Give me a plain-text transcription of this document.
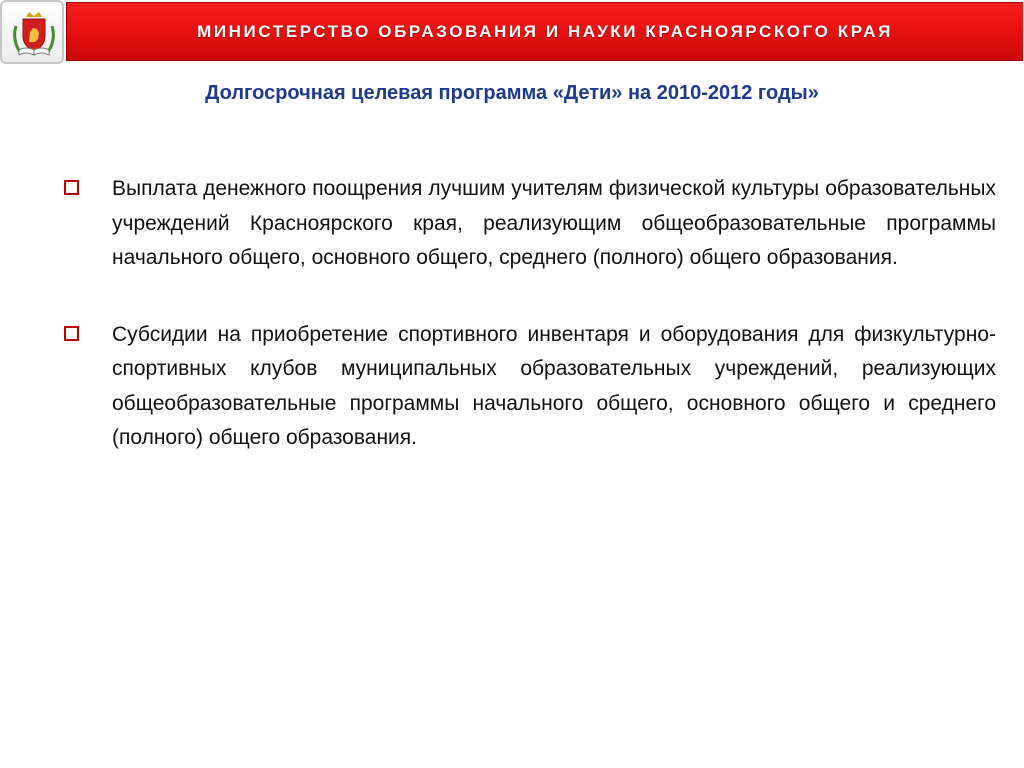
МИНИСТЕРСТВО ОБРАЗОВАНИЯ И НАУКИ КРАСНОЯРСКОГО КРАЯ
Долгосрочная целевая программа «Дети» на 2010-2012 годы»
Выплата денежного поощрения лучшим учителям физической культуры образовательных учреждений Красноярского края, реализующим общеобразовательные программы начального общего, основного общего, среднего (полного) общего образования.
Субсидии на приобретение спортивного инвентаря и оборудования для физкультурно-спортивных клубов муниципальных образовательных учреждений, реализующих общеобразовательные программы начального общего, основного общего и среднего (полного) общего образования.
